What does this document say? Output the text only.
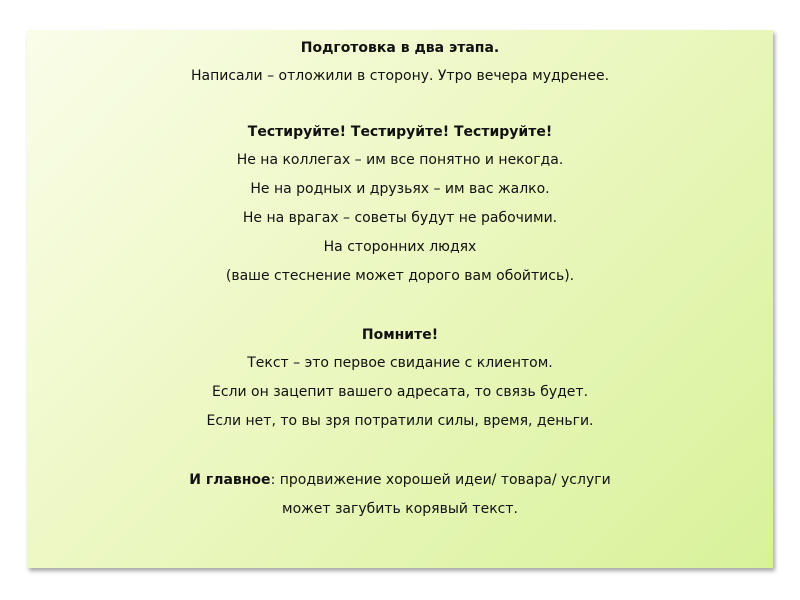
Подготовка в два этапа.
Написали – отложили в сторону. Утро вечера мудренее.
Тестируйте! Тестируйте! Тестируйте!
Не на коллегах – им все понятно и некогда.
Не на родных и друзьях – им вас жалко.
Не на врагах – советы будут не рабочими.
На сторонних людях
(ваше стеснение может дорого вам обойтись).
Помните!
Текст – это первое свидание с клиентом.
Если он зацепит вашего адресата, то связь будет.
Если нет, то вы зря потратили силы, время, деньги.
И главное: продвижение хорошей идеи/ товара/ услуги
может загубить корявый текст.
